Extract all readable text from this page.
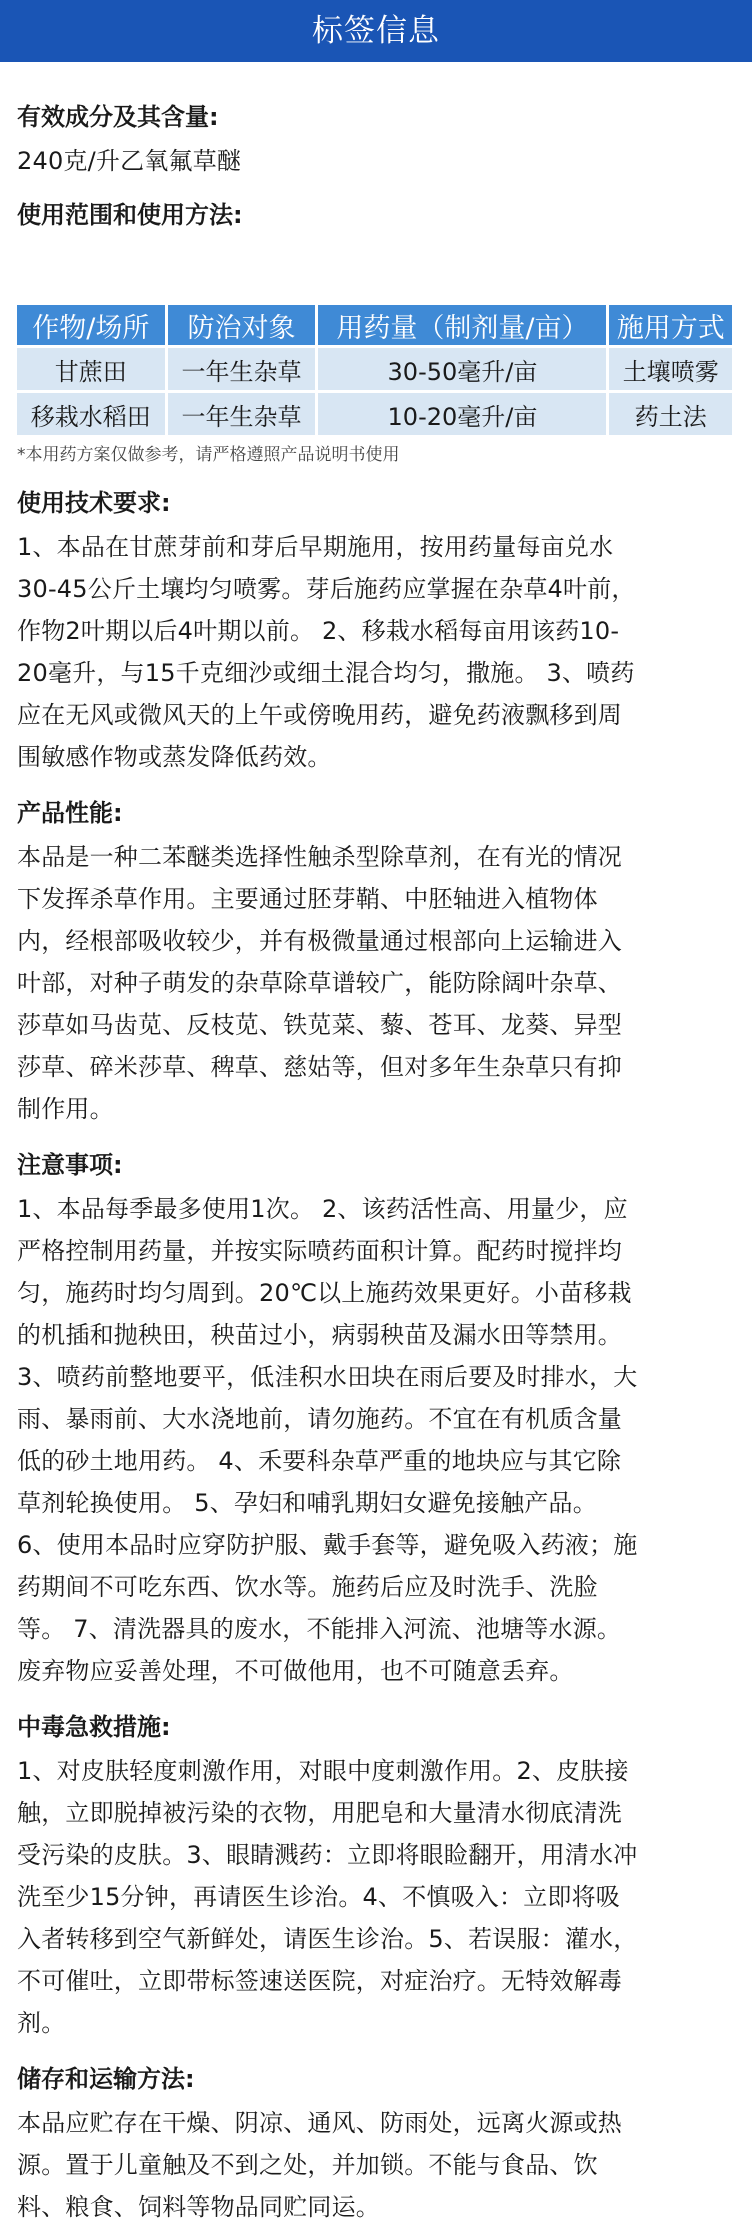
标签信息
有效成分及其含量:
240克/升乙氧氟草醚
使用范围和使用方法:
作物/场所	防治对象	用药量（制剂量/亩）	施用方式
甘蔗田	一年生杂草	30-50毫升/亩	土壤喷雾
移栽水稻田	一年生杂草	10-20毫升/亩	药土法
*本用药方案仅做参考，请严格遵照产品说明书使用
使用技术要求:
1、本品在甘蔗芽前和芽后早期施用，按用药量每亩兑水
30-45公斤土壤均匀喷雾。芽后施药应掌握在杂草4叶前，
作物2叶期以后4叶期以前。 2、移栽水稻每亩用该药10-
20毫升，与15千克细沙或细土混合均匀，撒施。 3、喷药
应在无风或微风天的上午或傍晚用药，避免药液飘移到周
围敏感作物或蒸发降低药效。
产品性能:
本品是一种二苯醚类选择性触杀型除草剂，在有光的情况
下发挥杀草作用。主要通过胚芽鞘、中胚轴进入植物体
内，经根部吸收较少，并有极微量通过根部向上运输进入
叶部，对种子萌发的杂草除草谱较广，能防除阔叶杂草、
莎草如马齿苋、反枝苋、铁苋菜、藜、苍耳、龙葵、异型
莎草、碎米莎草、稗草、慈姑等，但对多年生杂草只有抑
制作用。
注意事项:
1、本品每季最多使用1次。 2、该药活性高、用量少，应
严格控制用药量，并按实际喷药面积计算。配药时搅拌均
匀，施药时均匀周到。20℃以上施药效果更好。小苗移栽
的机插和抛秧田，秧苗过小，病弱秧苗及漏水田等禁用。
3、喷药前整地要平，低洼积水田块在雨后要及时排水，大
雨、暴雨前、大水浇地前，请勿施药。不宜在有机质含量
低的砂土地用药。 4、禾要科杂草严重的地块应与其它除
草剂轮换使用。 5、孕妇和哺乳期妇女避免接触产品。
6、使用本品时应穿防护服、戴手套等，避免吸入药液；施
药期间不可吃东西、饮水等。施药后应及时洗手、洗脸
等。 7、清洗器具的废水，不能排入河流、池塘等水源。
废弃物应妥善处理，不可做他用，也不可随意丢弃。
中毒急救措施:
1、对皮肤轻度刺激作用，对眼中度刺激作用。2、皮肤接
触，立即脱掉被污染的衣物，用肥皂和大量清水彻底清洗
受污染的皮肤。3、眼睛溅药：立即将眼睑翻开，用清水冲
洗至少15分钟，再请医生诊治。4、不慎吸入：立即将吸
入者转移到空气新鲜处，请医生诊治。5、若误服：灌水，
不可催吐，立即带标签速送医院，对症治疗。无特效解毒
剂。
储存和运输方法:
本品应贮存在干燥、阴凉、通风、防雨处，远离火源或热
源。置于儿童触及不到之处，并加锁。不能与食品、饮
料、粮食、饲料等物品同贮同运。
